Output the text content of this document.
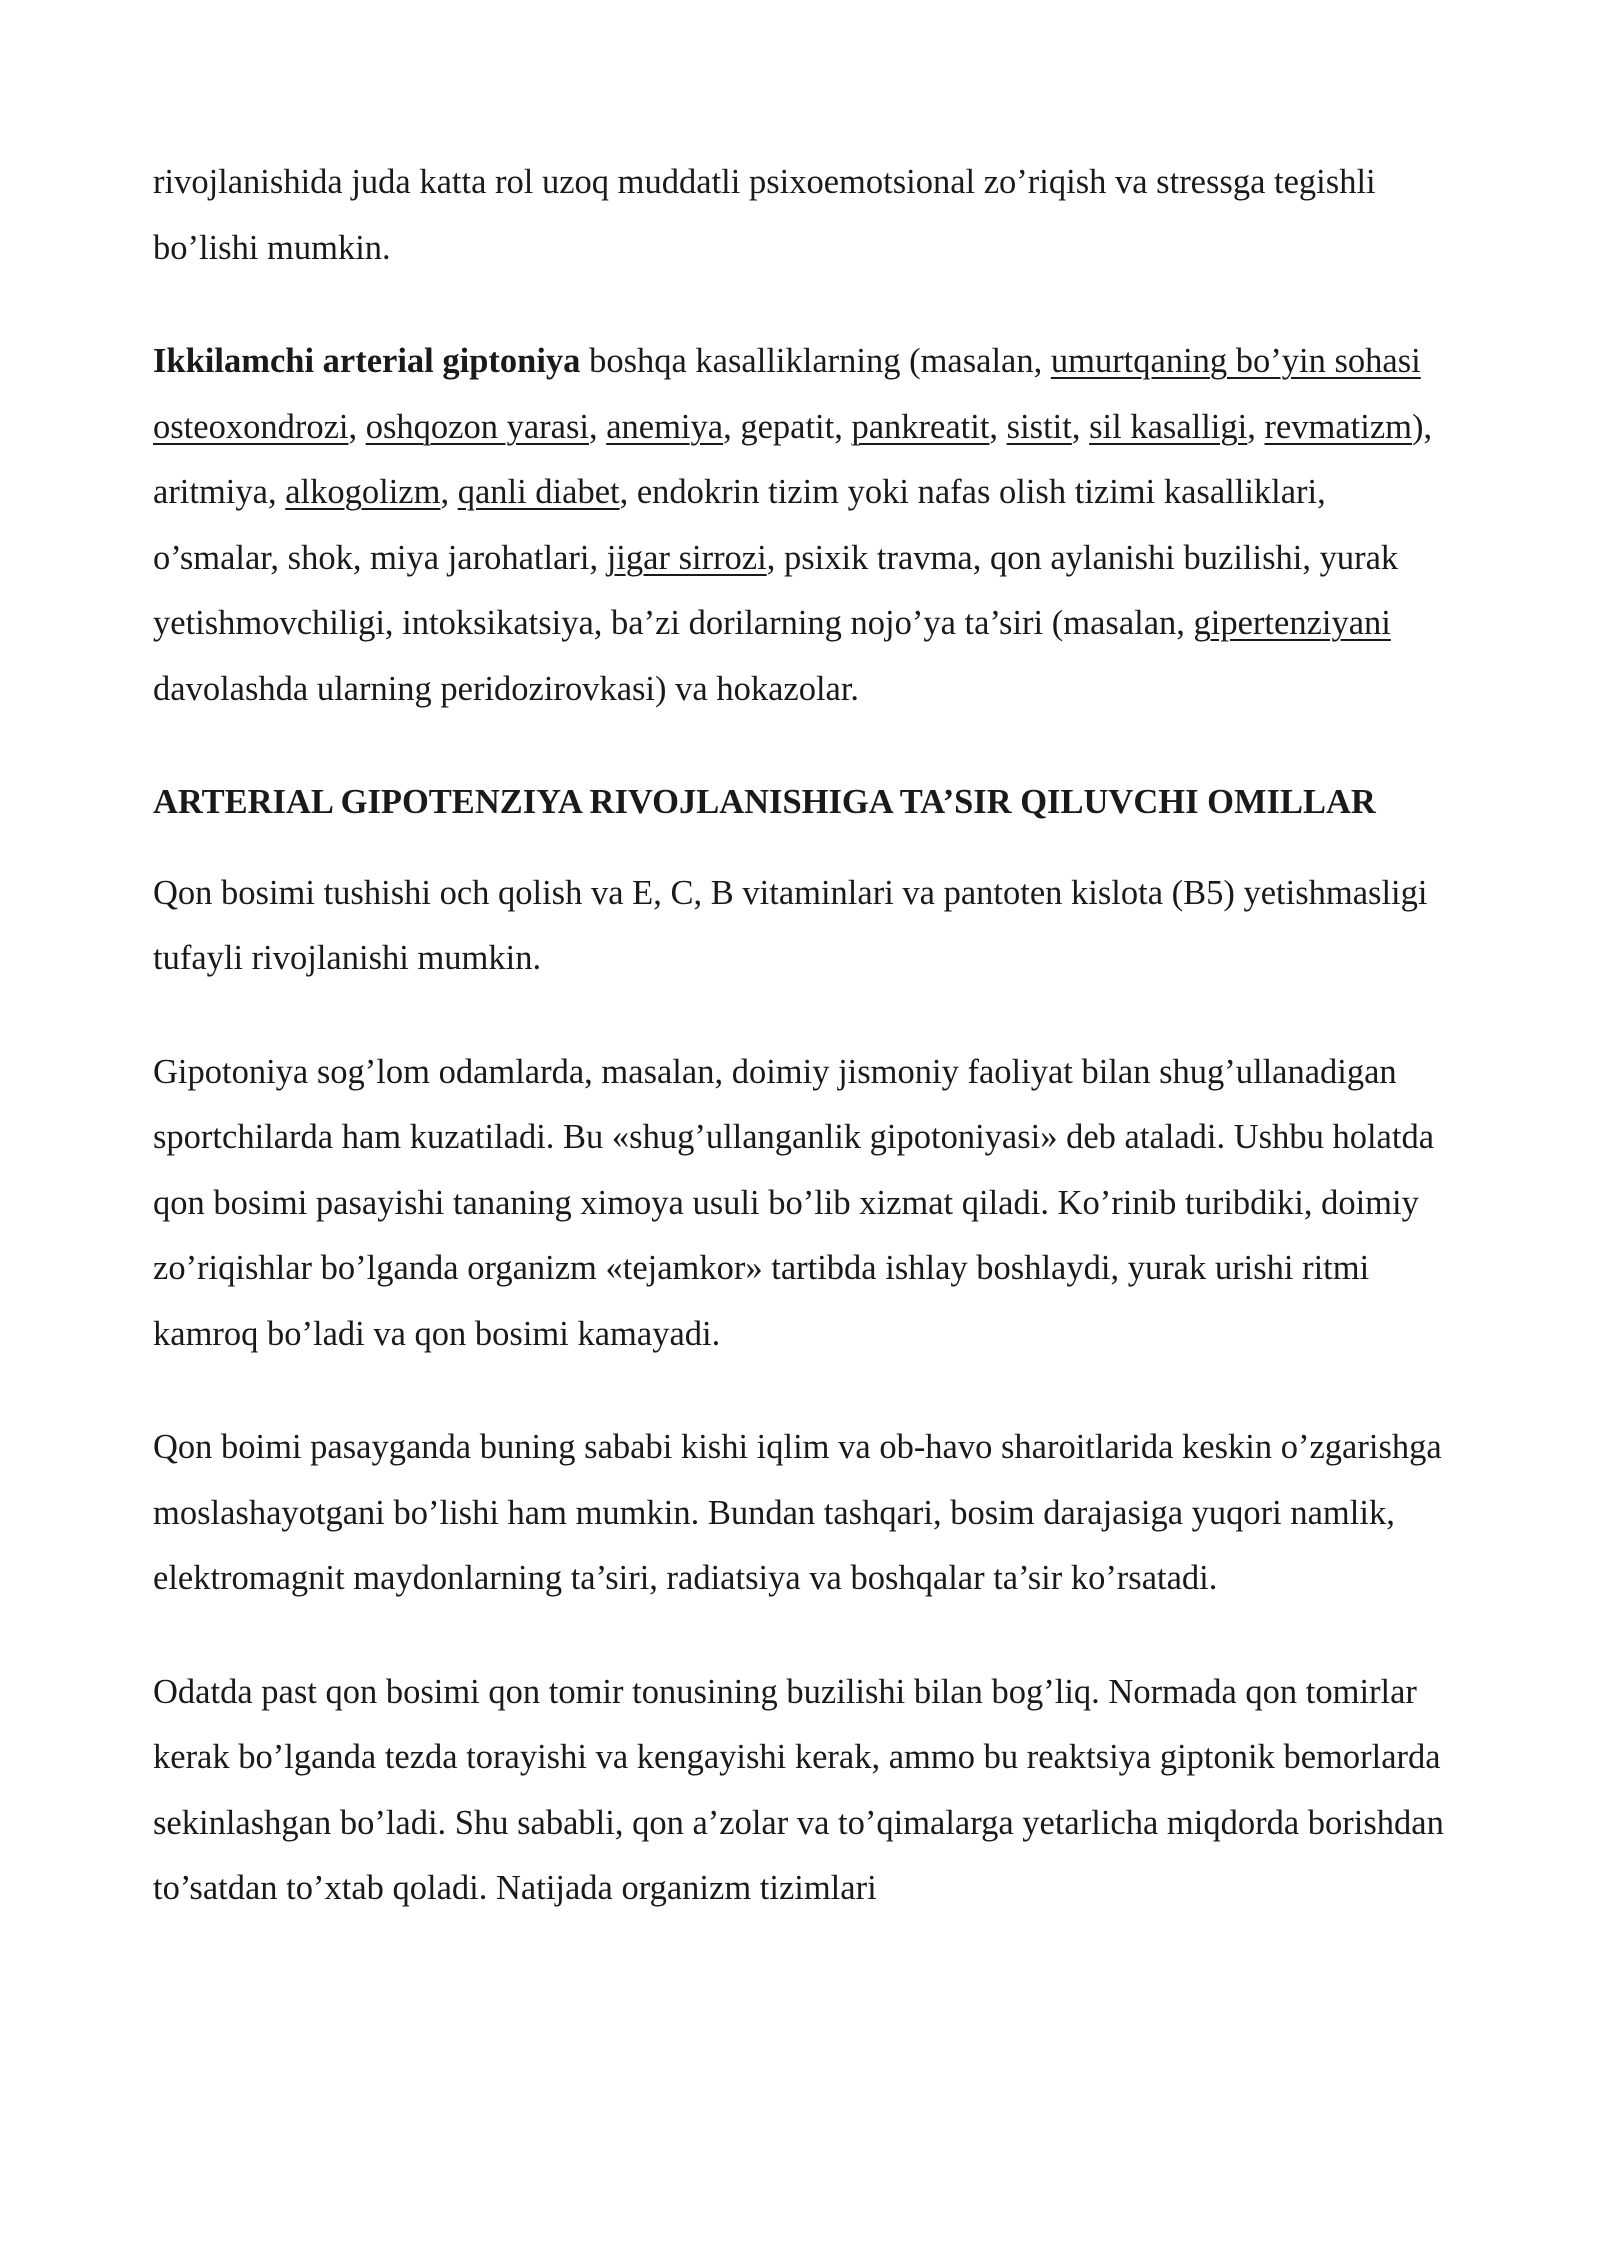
rivojlanishida juda katta rol uzoq muddatli psixoemotsional zo’riqish va stressga tegishli bo’lishi mumkin.

Ikkilamchi arterial giptoniya boshqa kasalliklarning (masalan, umurtqaning bo’yin sohasi osteoxondrozi, oshqozon yarasi, anemiya, gepatit, pankreatit, sistit, sil kasalligi, revmatizm), aritmiya, alkogolizm, qanli diabet, endokrin tizim yoki nafas olish tizimi kasalliklari, o’smalar, shok, miya jarohatlari, jigar sirrozi, psixik travma, qon aylanishi buzilishi, yurak yetishmovchiligi, intoksikatsiya, ba’zi dorilarning nojo’ya ta’siri (masalan, gipertenziyani davolashda ularning peridozirovkasi) va hokazolar.

ARTERIAL GIPOTENZIYA RIVOJLANISHIGA TA’SIR QILUVCHI OMILLAR

Qon bosimi tushishi och qolish va E, C, B vitaminlari va pantoten kislota (B5) yetishmasligi tufayli rivojlanishi mumkin.

Gipotoniya sog’lom odamlarda, masalan, doimiy jismoniy faoliyat bilan shug’ullanadigan sportchilarda ham kuzatiladi. Bu «shug’ullanganlik gipotoniyasi» deb ataladi. Ushbu holatda qon bosimi pasayishi tananing ximoya usuli bo’lib xizmat qiladi. Ko’rinib turibdiki, doimiy zo’riqishlar bo’lganda organizm «tejamkor» tartibda ishlay boshlaydi, yurak urishi ritmi kamroq bo’ladi va qon bosimi kamayadi.

Qon boimi pasayganda buning sababi kishi iqlim va ob-havo sharoitlarida keskin o’zgarishga moslashayotgani bo’lishi ham mumkin. Bundan tashqari, bosim darajasiga yuqori namlik, elektromagnit maydonlarning ta’siri, radiatsiya va boshqalar ta’sir ko’rsatadi.

Odatda past qon bosimi qon tomir tonusining buzilishi bilan bog’liq. Normada qon tomirlar kerak bo’lganda tezda torayishi va kengayishi kerak, ammo bu reaktsiya giptonik bemorlarda sekinlashgan bo’ladi. Shu sababli, qon a’zolar va to’qimalarga yetarlicha miqdorda borishdan to’satdan to’xtab qoladi. Natijada organizm tizimlari
